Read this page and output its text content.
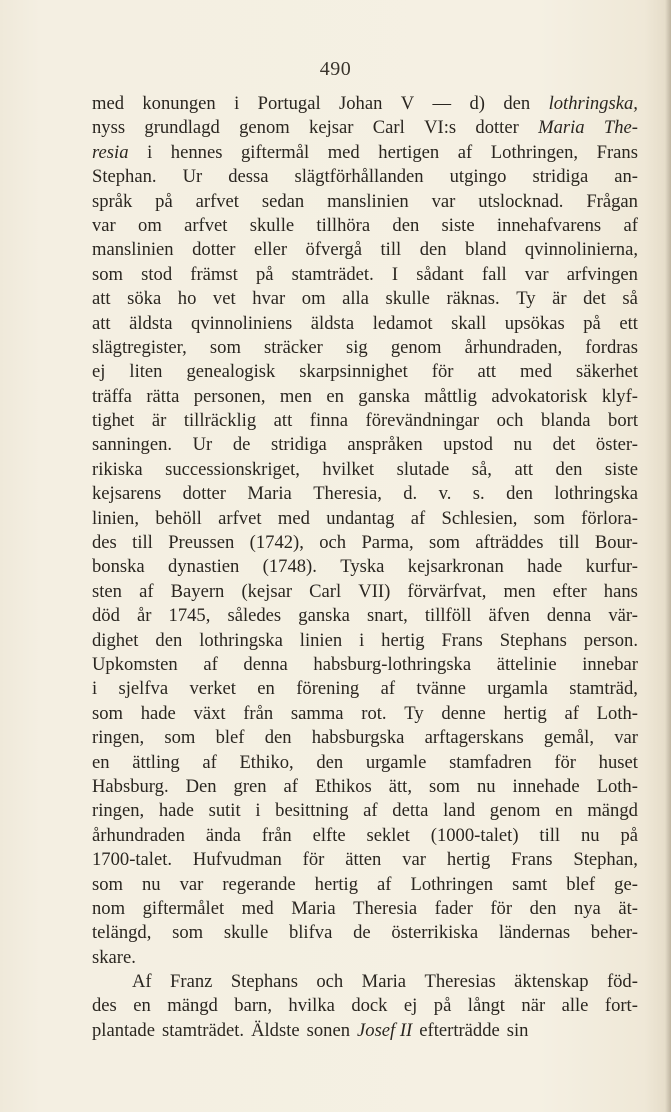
490
med konungen i Portugal Johan V — d) den lothringska,
nyss grundlagd genom kejsar Carl VI:s dotter Maria The-
resia i hennes giftermål med hertigen af Lothringen, Frans
Stephan. Ur dessa slägtförhållanden utgingo stridiga an-
språk på arfvet sedan manslinien var utslocknad. Frågan
var om arfvet skulle tillhöra den siste innehafvarens af
manslinien dotter eller öfvergå till den bland qvinnolinierna,
som stod främst på stamträdet. I sådant fall var arfvingen
att söka ho vet hvar om alla skulle räknas. Ty är det så
att äldsta qvinnoliniens äldsta ledamot skall upsökas på ett
slägtregister, som sträcker sig genom århundraden, fordras
ej liten genealogisk skarpsinnighet för att med säkerhet
träffa rätta personen, men en ganska måttlig advokatorisk klyf-
tighet är tillräcklig att finna förevändningar och blanda bort
sanningen. Ur de stridiga anspråken upstod nu det öster-
rikiska successionskriget, hvilket slutade så, att den siste
kejsarens dotter Maria Theresia, d. v. s. den lothringska
linien, behöll arfvet med undantag af Schlesien, som förlora-
des till Preussen (1742), och Parma, som afträddes till Bour-
bonska dynastien (1748). Tyska kejsarkronan hade kurfur-
sten af Bayern (kejsar Carl VII) förvärfvat, men efter hans
död år 1745, således ganska snart, tillföll äfven denna vär-
dighet den lothringska linien i hertig Frans Stephans person.
Upkomsten af denna habsburg-lothringska ättelinie innebar
i sjelfva verket en förening af tvänne urgamla stamträd,
som hade växt från samma rot. Ty denne hertig af Loth-
ringen, som blef den habsburgska arftagerskans gemål, var
en ättling af Ethiko, den urgamle stamfadren för huset
Habsburg. Den gren af Ethikos ätt, som nu innehade Loth-
ringen, hade sutit i besittning af detta land genom en mängd
århundraden ända från elfte seklet (1000-talet) till nu på
1700-talet. Hufvudman för ätten var hertig Frans Stephan,
som nu var regerande hertig af Lothringen samt blef ge-
nom giftermålet med Maria Theresia fader för den nya ät-
telängd, som skulle blifva de österrikiska ländernas beher-
skare.
Af Franz Stephans och Maria Theresias äktenskap föd-
des en mängd barn, hvilka dock ej på långt när alle fort-
plantade stamträdet. Äldste sonen Josef II efterträdde sin
